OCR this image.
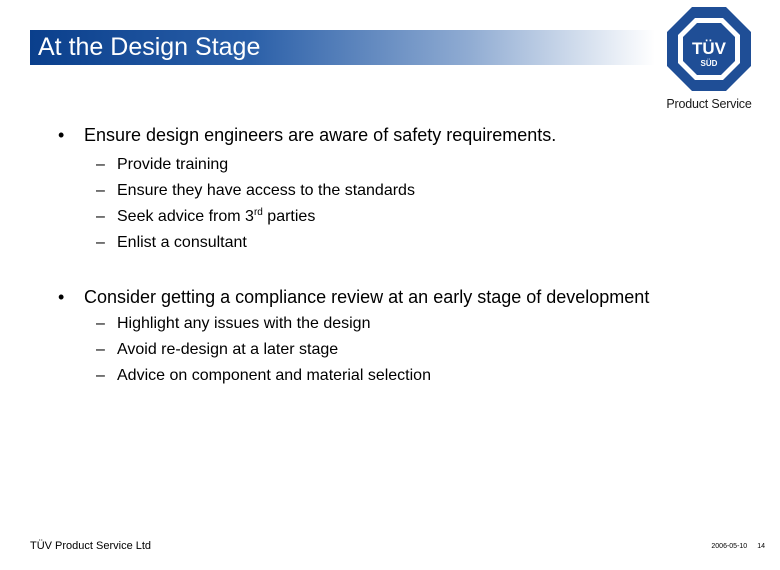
At the Design Stage	TÜV
SÜD
Product Service
• Ensure design engineers are aware of safety requirements.
– Provide training
– Ensure they have access to the standards
– Seek advice from 3rd parties
– Enlist a consultant
• Consider getting a compliance review at an early stage of development
– Highlight any issues with the design
– Avoid re-design at a later stage
– Advice on component and material selection
TÜV Product Service Ltd	2006-05-10 14
